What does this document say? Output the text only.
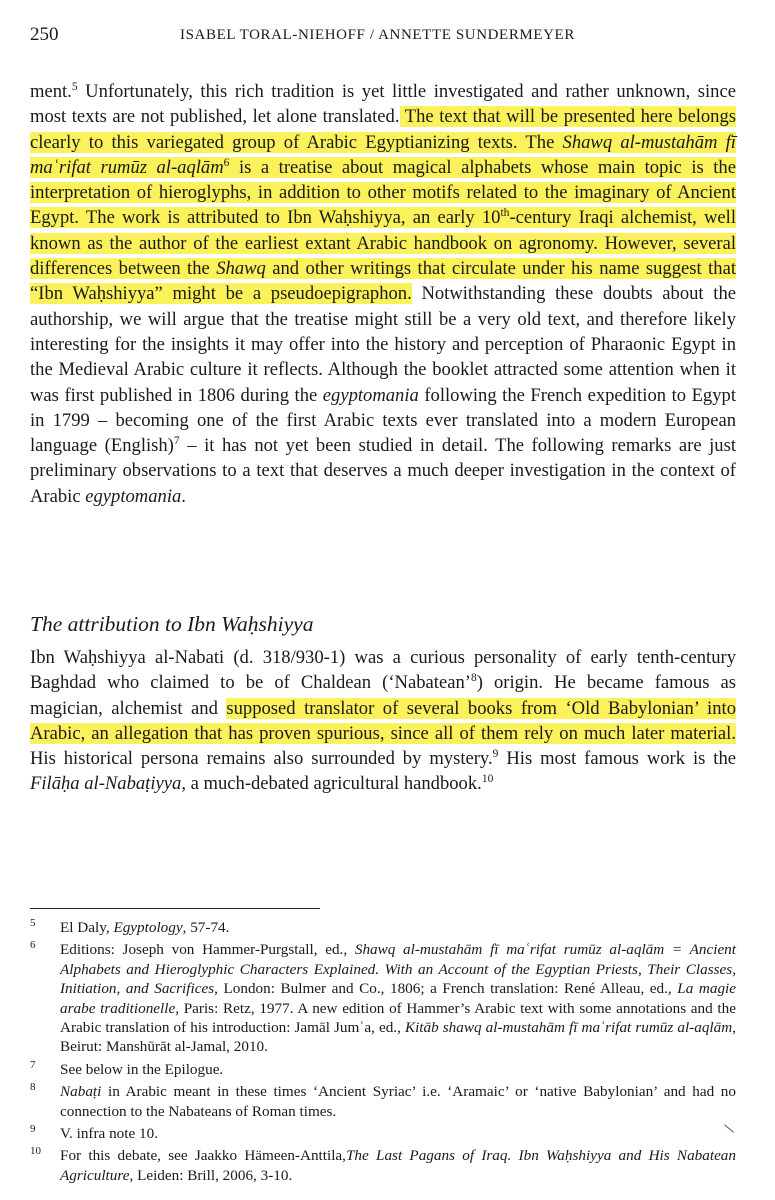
250	ISABEL TORAL-NIEHOFF / ANNETTE SUNDERMEYER

ment.$^5$ Unfortunately, this rich tradition is yet little investigated and rather unknown, since most texts are not published, let alone translated. The text that will be presented here belongs clearly to this variegated group of Arabic Egyptianizing texts. The Shawq al-mustahām fī maʿrifat rumūz al-aqlām$^6$ is a treatise about magical alphabets whose main topic is the interpretation of hieroglyphs, in addition to other motifs related to the imaginary of Ancient Egypt. The work is attributed to Ibn Waḥshiyya, an early 10th-century Iraqi alchemist, well known as the author of the earliest extant Arabic handbook on agronomy. However, several differences between the Shawq and other writings that circulate under his name suggest that “Ibn Waḥshiyya” might be a pseudoepigraphon. Notwithstanding these doubts about the authorship, we will argue that the treatise might still be a very old text, and therefore likely interesting for the insights it may offer into the history and perception of Pharaonic Egypt in the Medieval Arabic culture it reflects. Although the booklet attracted some attention when it was first published in 1806 during the egyptomania following the French expedition to Egypt in 1799 – becoming one of the first Arabic texts ever translated into a modern European language (English)$^7$ – it has not yet been studied in detail. The following remarks are just preliminary observations to a text that deserves a much deeper investigation in the context of Arabic egyptomania.

The attribution to Ibn Waḥshiyya

Ibn Waḥshiyya al-Nabati (d. 318/930-1) was a curious personality of early tenth-century Baghdad who claimed to be of Chaldean (‘Nabatean’$^8$) origin. He became famous as magician, alchemist and supposed translator of several books from ‘Old Babylonian’ into Arabic, an allegation that has proven spurious, since all of them rely on much later material. His historical persona remains also surrounded by mystery.$^9$ His most famous work is the Filāḥa al-Nabaṭiyya, a much-debated agricultural handbook.$^{10}$

5 El Daly, Egyptology, 57-74.
6 Editions: Joseph von Hammer-Purgstall, ed., Shawq al-mustahām fī maʿrifat rumūz al-aqlām = Ancient Alphabets and Hieroglyphic Characters Explained. With an Account of the Egyptian Priests, Their Classes, Initiation, and Sacrifices, London: Bulmer and Co., 1806; a French translation: René Alleau, ed., La magie arabe traditionelle, Paris: Retz, 1977. A new edition of Hammer’s Arabic text with some annotations and the Arabic translation of his introduction: Jamāl Jumʿa, ed., Kitāb shawq al-mustahām fī maʿrifat rumūz al-aqlām, Beirut: Manshūrāt al-Jamal, 2010.
7 See below in the Epilogue.
8 Nabaṭi in Arabic meant in these times ‘Ancient Syriac’ i.e. ‘Aramaic’ or ‘native Babylonian’ and had no connection to the Nabateans of Roman times.
9 V. infra note 10.
10 For this debate, see Jaakko Hämeen-Anttila,The Last Pagans of Iraq. Ibn Waḥshiyya and His Nabatean Agriculture, Leiden: Brill, 2006, 3-10.
